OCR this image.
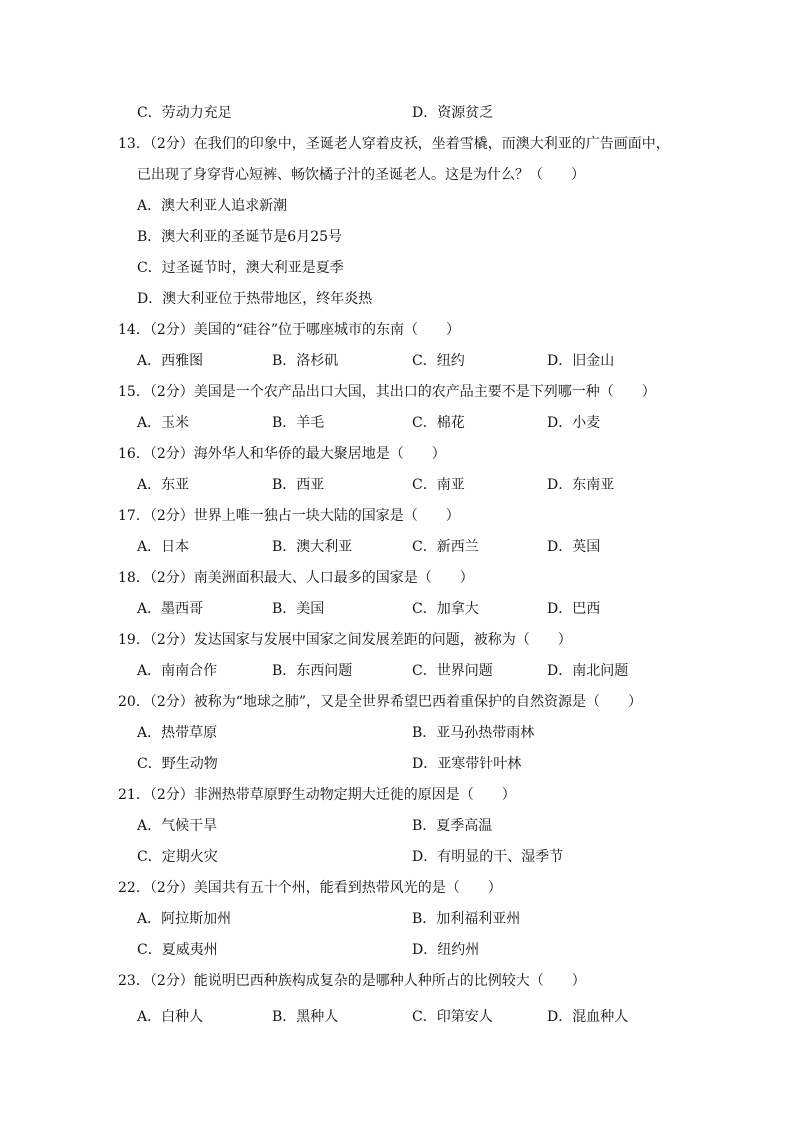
C．劳动力充足	D．资源贫乏
13．（2分）在我们的印象中，圣诞老人穿着皮袄，坐着雪橇，而澳大利亚的广告画面中，
已出现了身穿背心短裤、畅饮橘子汁的圣诞老人。这是为什么？（　　）
A．澳大利亚人追求新潮
B．澳大利亚的圣诞节是6月25号
C．过圣诞节时，澳大利亚是夏季
D．澳大利亚位于热带地区，终年炎热
14．（2分）美国的“硅谷”位于哪座城市的东南（　　）
A．西雅图	B．洛杉矶	C．纽约	D．旧金山
15．（2分）美国是一个农产品出口大国，其出口的农产品主要不是下列哪一种（　　）
A．玉米	B．羊毛	C．棉花	D．小麦
16．（2分）海外华人和华侨的最大聚居地是（　　）
A．东亚	B．西亚	C．南亚	D．东南亚
17．（2分）世界上唯一独占一块大陆的国家是（　　）
A．日本	B．澳大利亚	C．新西兰	D．英国
18．（2分）南美洲面积最大、人口最多的国家是（　　）
A．墨西哥	B．美国	C．加拿大	D．巴西
19．（2分）发达国家与发展中国家之间发展差距的问题，被称为（　　）
A．南南合作	B．东西问题	C．世界问题	D．南北问题
20．（2分）被称为“地球之肺”，又是全世界希望巴西着重保护的自然资源是（　　）
A．热带草原	B．亚马孙热带雨林
C．野生动物	D．亚寒带针叶林
21．（2分）非洲热带草原野生动物定期大迁徙的原因是（　　）
A．气候干旱	B．夏季高温
C．定期火灾	D．有明显的干、湿季节
22．（2分）美国共有五十个州，能看到热带风光的是（　　）
A．阿拉斯加州	B．加利福利亚州
C．夏威夷州	D．纽约州
23．（2分）能说明巴西种族构成复杂的是哪种人种所占的比例较大（　　）
A．白种人	B．黑种人	C．印第安人	D．混血种人
